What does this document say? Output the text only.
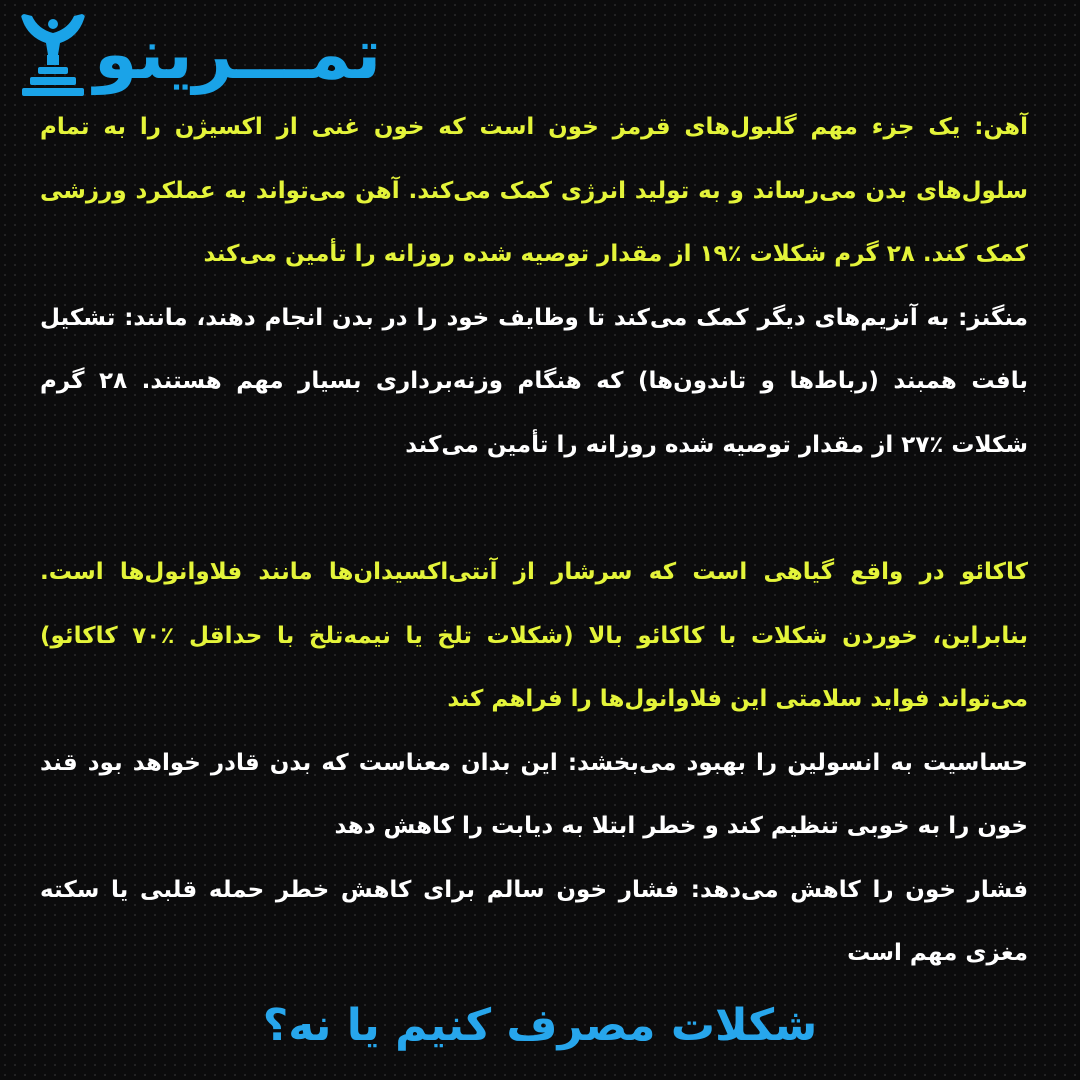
تمـــرینو

آهن: یک جزء مهم گلبول‌های قرمز خون است که خون غنی از اکسیژن را به تمام سلول‌های بدن می‌رساند و به تولید انرژی کمک می‌کند. آهن می‌تواند به عملکرد ورزشی کمک کند. ۲۸ گرم شکلات ٪۱۹ از مقدار توصیه شده روزانه را تأمین می‌کند

منگنز: به آنزیم‌های دیگر کمک می‌کند تا وظایف خود را در بدن انجام دهند، مانند: تشکیل بافت همبند (رباط‌ها و تاندون‌ها) که هنگام وزنه‌برداری بسیار مهم هستند. ۲۸ گرم شکلات ٪۲۷ از مقدار توصیه شده روزانه را تأمین می‌کند

کاکائو در واقع گیاهی است که سرشار از آنتی‌اکسیدان‌ها مانند فلاوانول‌ها است. بنابراین، خوردن شکلات با کاکائو بالا (شکلات تلخ یا نیمه‌تلخ با حداقل ٪۷۰ کاکائو) می‌تواند فواید سلامتی این فلاوانول‌ها را فراهم کند

حساسیت به انسولین را بهبود می‌بخشد: این بدان معناست که بدن قادر خواهد بود قند خون را به خوبی تنظیم کند و خطر ابتلا به دیابت را کاهش دهد

فشار خون را کاهش می‌دهد: فشار خون سالم برای کاهش خطر حمله قلبی یا سکته مغزی مهم است

شکلات مصرف کنیم یا نه؟
